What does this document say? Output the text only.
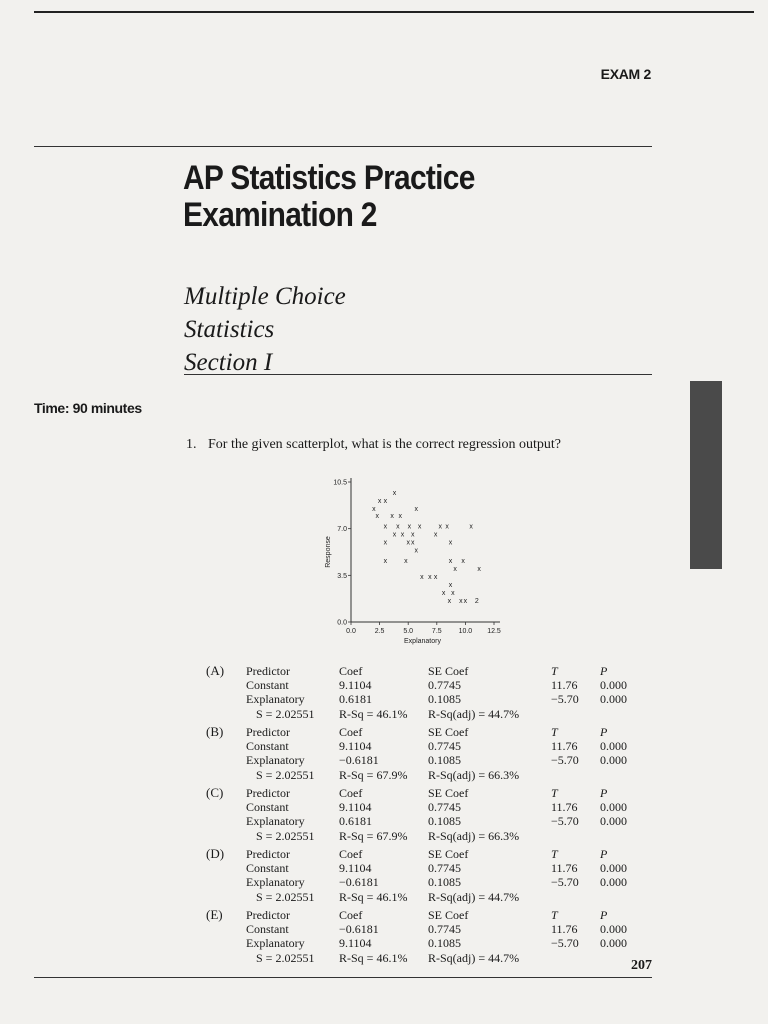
EXAM 2
AP Statistics Practice
Examination 2
Multiple Choice
Statistics
Section I
Time: 90 minutes
1. For the given scatterplot, what is the correct regression output?
0.0	2.5	5.0	7.5 10.0 12.5
0.0
3.5
7.0
10.5
Explanatory
Response
x
x x
x	x
x x x
x x x x x x	x
x x x	x
x	x x	x
x
x x	x x
x	x
x x x
x
x x
x x x 2
(A)	Predictor	Coef	SE Coef	T	P
Constant	9.1104	0.7745	11.76 0.000
Explanatory	0.6181	0.1085	−5.70 0.000
S = 2.02551 R-Sq = 46.1% R-Sq(adj) = 44.7%
(B)	Predictor	Coef	SE Coef	T	P
Constant	9.1104	0.7745	11.76 0.000
Explanatory	−0.6181	0.1085	−5.70 0.000
S = 2.02551 R-Sq = 67.9% R-Sq(adj) = 66.3%
(C)	Predictor	Coef	SE Coef	T	P
Constant	9.1104	0.7745	11.76 0.000
Explanatory	0.6181	0.1085	−5.70 0.000
S = 2.02551 R-Sq = 67.9% R-Sq(adj) = 66.3%
(D)	Predictor	Coef	SE Coef	T	P
Constant	9.1104	0.7745	11.76 0.000
Explanatory	−0.6181	0.1085	−5.70 0.000
S = 2.02551 R-Sq = 46.1% R-Sq(adj) = 44.7%
(E)	Predictor	Coef	SE Coef	T	P
Constant	−0.6181	0.7745	11.76 0.000
Explanatory	9.1104	0.1085	−5.70 0.000
S = 2.02551 R-Sq = 46.1% R-Sq(adj) = 44.7%
207
